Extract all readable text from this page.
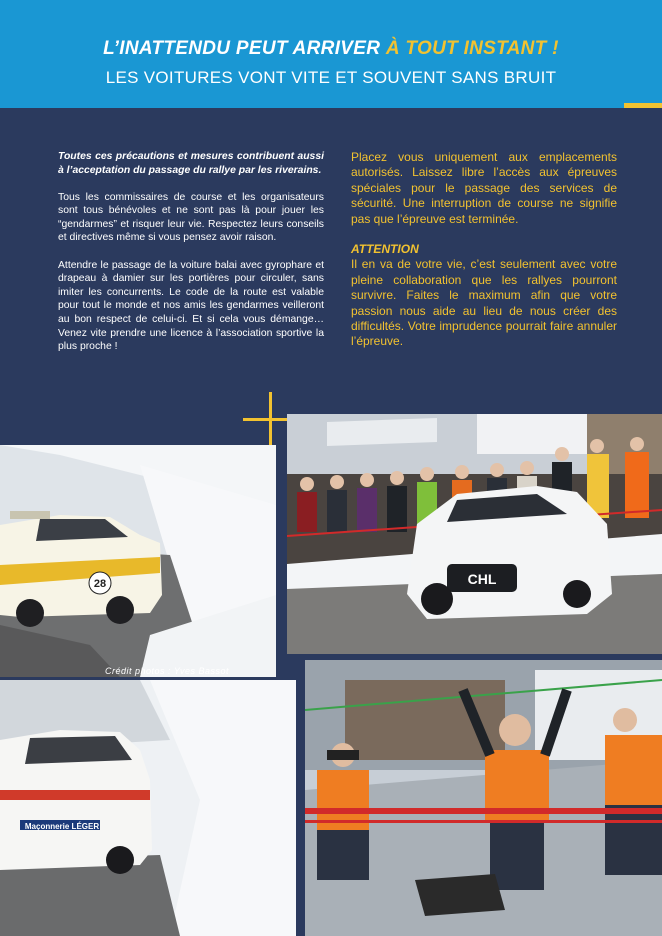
L’INATTENDU PEUT ARRIVER À TOUT INSTANT !
LES VOITURES VONT VITE ET SOUVENT SANS BRUIT

Toutes ces précautions et mesures contribuent aussi à l’acceptation du passage du rallye par les riverains.

Tous les commissaires de course et les organisateurs sont tous bénévoles et ne sont pas là pour jouer les “gendarmes” et risquer leur vie. Respectez leurs conseils et directives même si vous pensez avoir raison.

Attendre le passage de la voiture balai avec gyrophare et drapeau à damier sur les portières pour circuler, sans imiter les concurrents. Le code de la route est valable pour tout le monde et nos amis les gendarmes veilleront au bon respect de celui-ci. Et si cela vous démange… Venez vite prendre une licence à l’association sportive la plus proche !

Placez vous uniquement aux emplacements autorisés. Laissez libre l’accès aux épreuves spéciales pour le passage des services de sécurité. Une interruption de course ne signifie pas que l’épreuve est terminée.

ATTENTION

Il en va de votre vie, c’est seulement avec votre pleine collaboration que les rallyes pourront survivre. Faites le maximum afin que votre passion nous aide au lieu de nous créer des difficultés. Votre imprudence pourrait faire annuler l’épreuve.

28	CHL
Crédit photos : Yves Bassot
Maçonnerie LÉGER
